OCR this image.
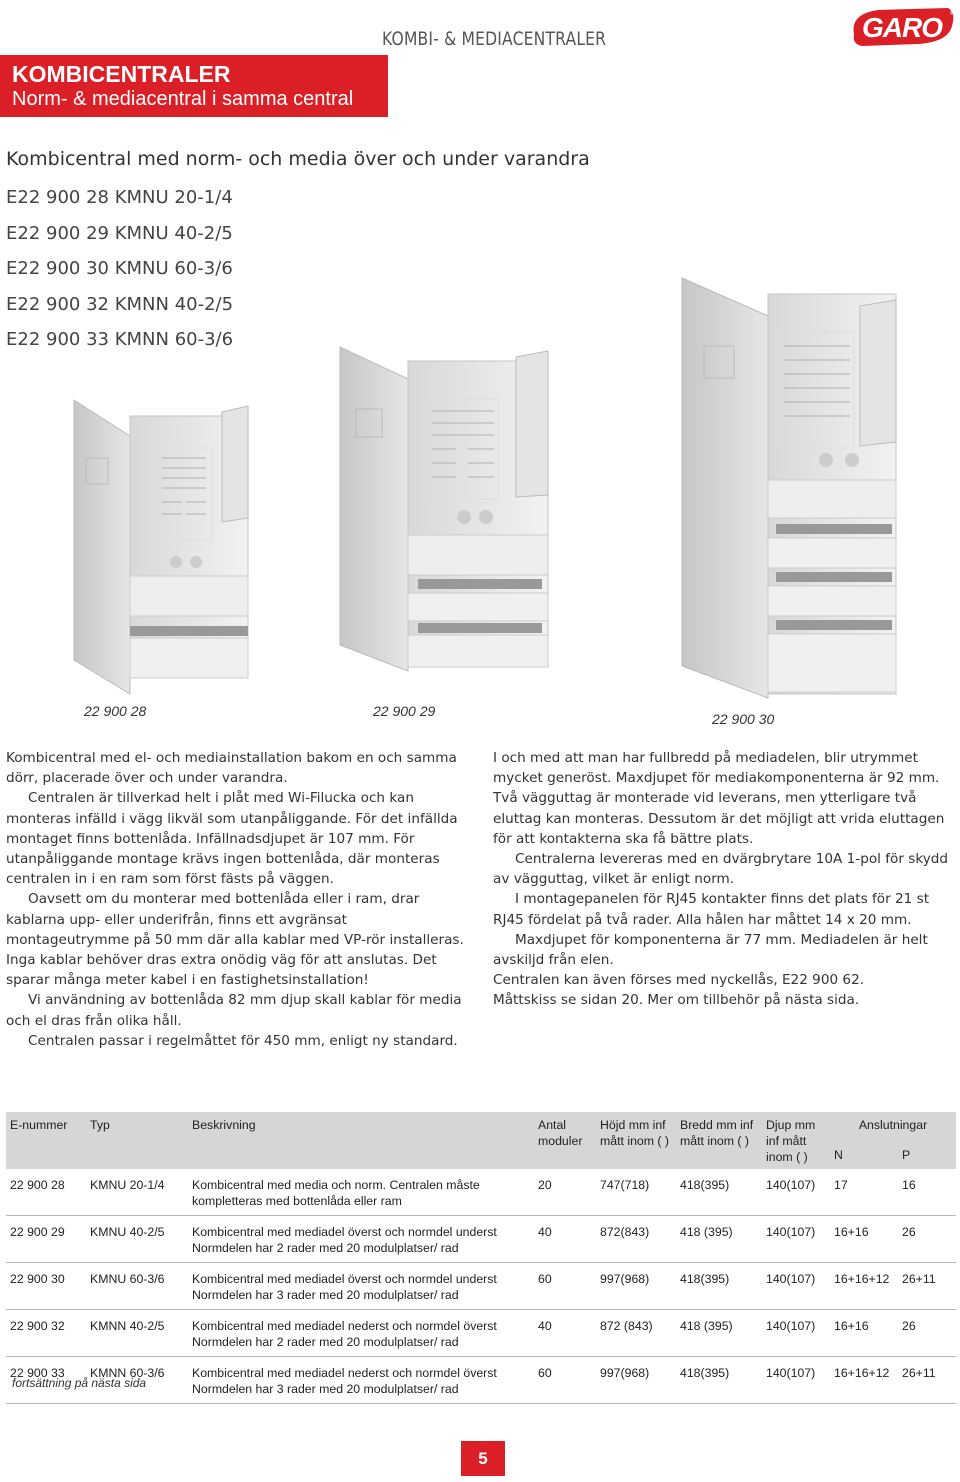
KOMBI- & MEDIACENTRALER	GARO ®
KOMBICENTRALER
Norm- & mediacentral i samma central
Kombicentral med norm- och media över och under varandra
E22 900 28 KMNU 20-1/4
E22 900 29 KMNU 40-2/5
E22 900 30 KMNU 60-3/6
E22 900 32 KMNN 40-2/5
E22 900 33 KMNN 60-3/6
22 900 28	22 900 29	22 900 30

Kombicentral med el- och mediainstallation bakom en och samma dörr, placerade över och under varandra.

Centralen är tillverkad helt i plåt med Wi-Filucka och kan monteras infälld i vägg likväl som utanpåliggande. För det infällda montaget finns bottenlåda. Infällnadsdjupet är 107 mm. För utanpåliggande montage krävs ingen bottenlåda, där monteras centralen in i en ram som först fästs på väggen.

Oavsett om du monterar med bottenlåda eller i ram, drar kablarna upp- eller underifrån, finns ett avgränsat montageutrymme på 50 mm där alla kablar med VP-rör installeras. Inga kablar behöver dras extra onödig väg för att anslutas. Det sparar många meter kabel i en fastighetsinstallation!

Vi användning av bottenlåda 82 mm djup skall kablar för media och el dras från olika håll.

Centralen passar i regelmåttet för 450 mm, enligt ny standard.

I och med att man har fullbredd på mediadelen, blir utrymmet mycket generöst. Maxdjupet för mediakomponenterna är 92 mm. Två vägguttag är monterade vid leverans, men ytterligare två eluttag kan monteras. Dessutom är det möjligt att vrida eluttagen för att kontakterna ska få bättre plats.

Centralerna levereras med en dvärgbrytare 10A 1-pol för skydd av vägguttag, vilket är enligt norm.

I montagepanelen för RJ45 kontakter finns det plats för 21 st RJ45 fördelat på två rader. Alla hålen har måttet 14 x 20 mm.

Maxdjupet för komponenterna är 77 mm. Mediadelen är helt avskiljd från elen.

Centralen kan även förses med nyckellås, E22 900 62.

Måttskiss se sidan 20. Mer om tillbehör på nästa sida.

E-nummer	Typ	Beskrivning	Antal moduler	Höjd mm inf mått inom ( )	Bredd mm inf mått inom ( )	Djup mm inf mått inom ( )	Anslutningar
N P	

22 900 28	KMNU 20-1/4	Kombicentral med media och norm. Centralen måste kompletteras med bottenlåda eller ram	20	747(718)	418(395)	140(107)	17	16
22 900 29	KMNU 40-2/5	Kombicentral med mediadel överst och normdel underst Normdelen har 2 rader med 20 modulplatser/ rad	40	872(843)	418 (395)	140(107)	16+16	26
22 900 30	KMNU 60-3/6	Kombicentral med mediadel överst och normdel underst Normdelen har 3 rader med 20 modulplatser/ rad	60	997(968)	418(395)	140(107)	16+16+12	26+11
22 900 32	KMNN 40-2/5	Kombicentral med mediadel nederst och normdel överst Normdelen har 2 rader med 20 modulplatser/ rad	40	872 (843)	418 (395)	140(107)	16+16	26
22 900 33	KMNN 60-3/6	Kombicentral med mediadel nederst och normdel överst Normdelen har 3 rader med 20 modulplatser/ rad	60	997(968)	418(395)	140(107)	16+16+12	26+11
fortsättning på nästa sida
5
